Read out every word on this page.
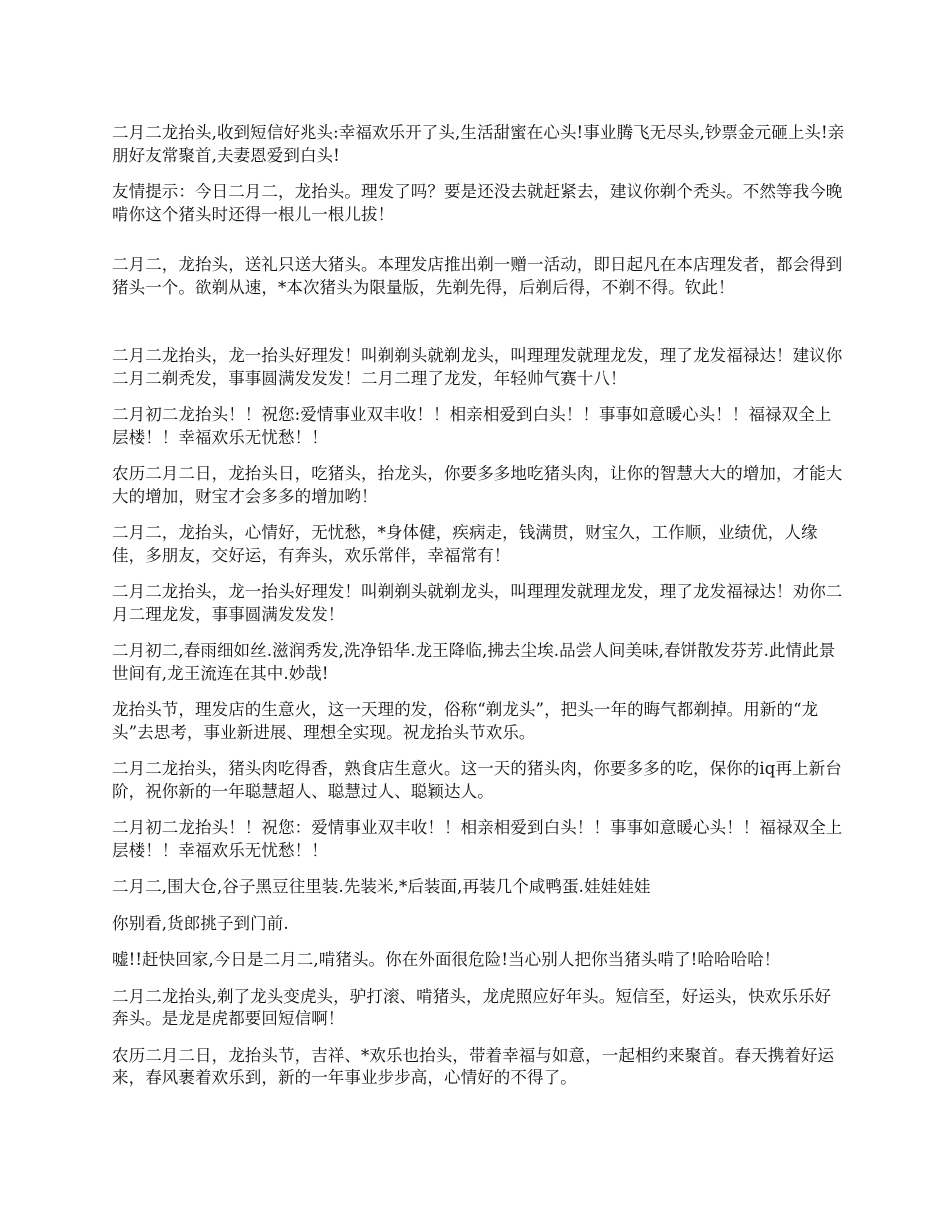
二月二龙抬头,收到短信好兆头:幸福欢乐开了头,生活甜蜜在心头!事业腾飞无尽头,钞票金元砸上头!亲朋好友常聚首,夫妻恩爱到白头!

友情提示：今日二月二，龙抬头。理发了吗？要是还没去就赶紧去，建议你剃个秃头。不然等我今晚啃你这个猪头时还得一根儿一根儿拔！

二月二，龙抬头，送礼只送大猪头。本理发店推出剃一赠一活动，即日起凡在本店理发者，都会得到猪头一个。欲剃从速，*本次猪头为限量版，先剃先得，后剃后得，不剃不得。钦此！

二月二龙抬头，龙一抬头好理发！叫剃剃头就剃龙头，叫理理发就理龙发，理了龙发福禄达！建议你二月二剃秃发，事事圆满发发发！二月二理了龙发，年轻帅气赛十八！

二月初二龙抬头！！祝您:爱情事业双丰收！！相亲相爱到白头！！事事如意暖心头！！福禄双全上层楼！！幸福欢乐无忧愁！！

农历二月二日，龙抬头日，吃猪头，抬龙头，你要多多地吃猪头肉，让你的智慧大大的增加，才能大大的增加，财宝才会多多的增加哟！

二月二，龙抬头，心情好，无忧愁，*身体健，疾病走，钱满贯，财宝久，工作顺，业绩优，人缘佳，多朋友，交好运，有奔头，欢乐常伴，幸福常有！

二月二龙抬头，龙一抬头好理发！叫剃剃头就剃龙头，叫理理发就理龙发，理了龙发福禄达！劝你二月二理龙发，事事圆满发发发！

二月初二,春雨细如丝.滋润秀发,洗净铅华.龙王降临,拂去尘埃.品尝人间美味,春饼散发芬芳.此情此景世间有,龙王流连在其中.妙哉!

龙抬头节，理发店的生意火，这一天理的发，俗称“剃龙头”，把头一年的晦气都剃掉。用新的“龙头”去思考，事业新进展、理想全实现。祝龙抬头节欢乐。

二月二龙抬头，猪头肉吃得香，熟食店生意火。这一天的猪头肉，你要多多的吃，保你的iq再上新台阶，祝你新的一年聪慧超人、聪慧过人、聪颖达人。

二月初二龙抬头！！祝您：爱情事业双丰收！！相亲相爱到白头！！事事如意暖心头！！福禄双全上层楼！！幸福欢乐无忧愁！！

二月二,围大仓,谷子黑豆往里装.先装米,*后装面,再装几个咸鸭蛋.娃娃娃娃

你别看,货郎挑子到门前.

嘘!!赶快回家,今日是二月二,啃猪头。你在外面很危险!当心别人把你当猪头啃了!哈哈哈哈！

二月二龙抬头,剃了龙头变虎头，驴打滚、啃猪头，龙虎照应好年头。短信至，好运头，快欢乐乐好奔头。是龙是虎都要回短信啊！

农历二月二日，龙抬头节，吉祥、*欢乐也抬头，带着幸福与如意，一起相约来聚首。春天携着好运来，春风裹着欢乐到，新的一年事业步步高，心情好的不得了。
